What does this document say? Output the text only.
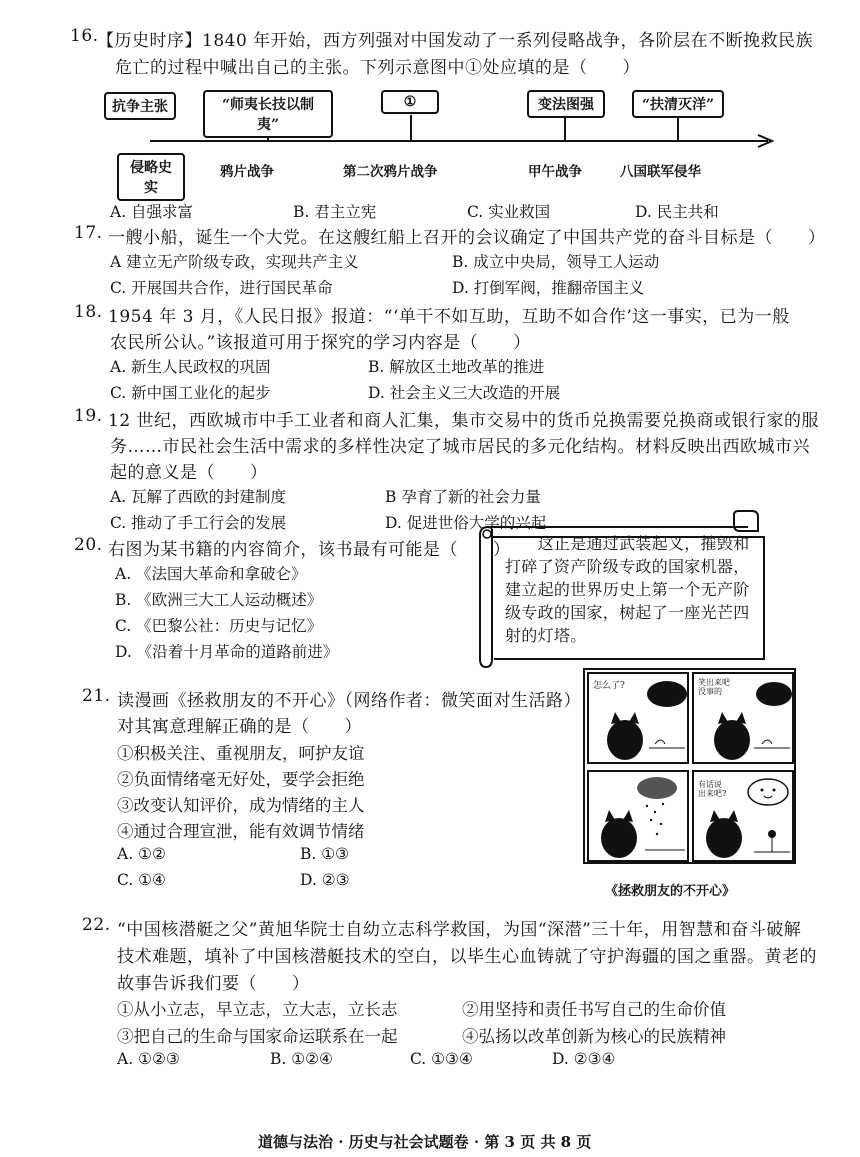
16.
【历史时序】1840 年开始，西方列强对中国发动了一系列侵略战争，各阶层在不断挽救民族
危亡的过程中喊出自己的主张。下列示意图中①处应填的是（　　）
抗争主张
侵略史实
“师夷长技以制夷”
①	变法图强	“扶清灭洋”
鸦片战争	第二次鸦片战争	甲午战争	八国联军侵华
A. 自强求富	B. 君主立宪	C. 实业救国	D. 民主共和
17. 一艘小船，诞生一个大党。在这艘红船上召开的会议确定了中国共产党的奋斗目标是（　　）
A 建立无产阶级专政，实现共产主义	B. 成立中央局，领导工人运动
C. 开展国共合作，进行国民革命	D. 打倒军阀，推翻帝国主义
18. 1954 年 3 月，《人民日报》报道：“‘单干不如互助，互助不如合作’这一事实，已为一般
农民所公认。”该报道可用于探究的学习内容是（　　）
A. 新生人民政权的巩固	B. 解放区土地改革的推进
C. 新中国工业化的起步	D. 社会主义三大改造的开展
19. 12 世纪，西欧城市中手工业者和商人汇集，集市交易中的货币兑换需要兑换商或银行家的服
务……市民社会生活中需求的多样性决定了城市居民的多元化结构。材料反映出西欧城市兴
起的意义是（　　）
A. 瓦解了西欧的封建制度	B 孕育了新的社会力量
C. 推动了手工行会的发展	D. 促进世俗大学的兴起
20. 右图为某书籍的内容简介，该书最有可能是（　　）
A. 《法国大革命和拿破仑》
B. 《欧洲三大工人运动概述》
C. 《巴黎公社：历史与记忆》
D. 《沿着十月革命的道路前进》
　　这正是通过武装起义，摧毁和打碎了资产阶级专政的国家机器，建立起的世界历史上第一个无产阶级专政的国家，树起了一座光芒四射的灯塔。
21. 读漫画《拯救朋友的不开心》（网络作者：微笑面对生活路）
对其寓意理解正确的是（　　）
①积极关注、重视朋友，呵护友谊
②负面情绪毫无好处，要学会拒绝
③改变认知评价，成为情绪的主人
④通过合理宣泄，能有效调节情绪
A. ①②	B. ①③
C. ①④	D. ②③
怎么了?	笑出来吧
没事的
有话说
出来吧?
《拯救朋友的不开心》
22. “中国核潜艇之父”黄旭华院士自幼立志科学救国，为国“深潜”三十年，用智慧和奋斗破解
技术难题，填补了中国核潜艇技术的空白，以毕生心血铸就了守护海疆的国之重器。黄老的
故事告诉我们要（　　）
①从小立志，早立志，立大志，立长志	②用坚持和责任书写自己的生命价值
③把自己的生命与国家命运联系在一起	④弘扬以改革创新为核心的民族精神
A. ①②③	B. ①②④	C. ①③④	D. ②③④
道德与法治 · 历史与社会试题卷 · 第 3 页 共 8 页
